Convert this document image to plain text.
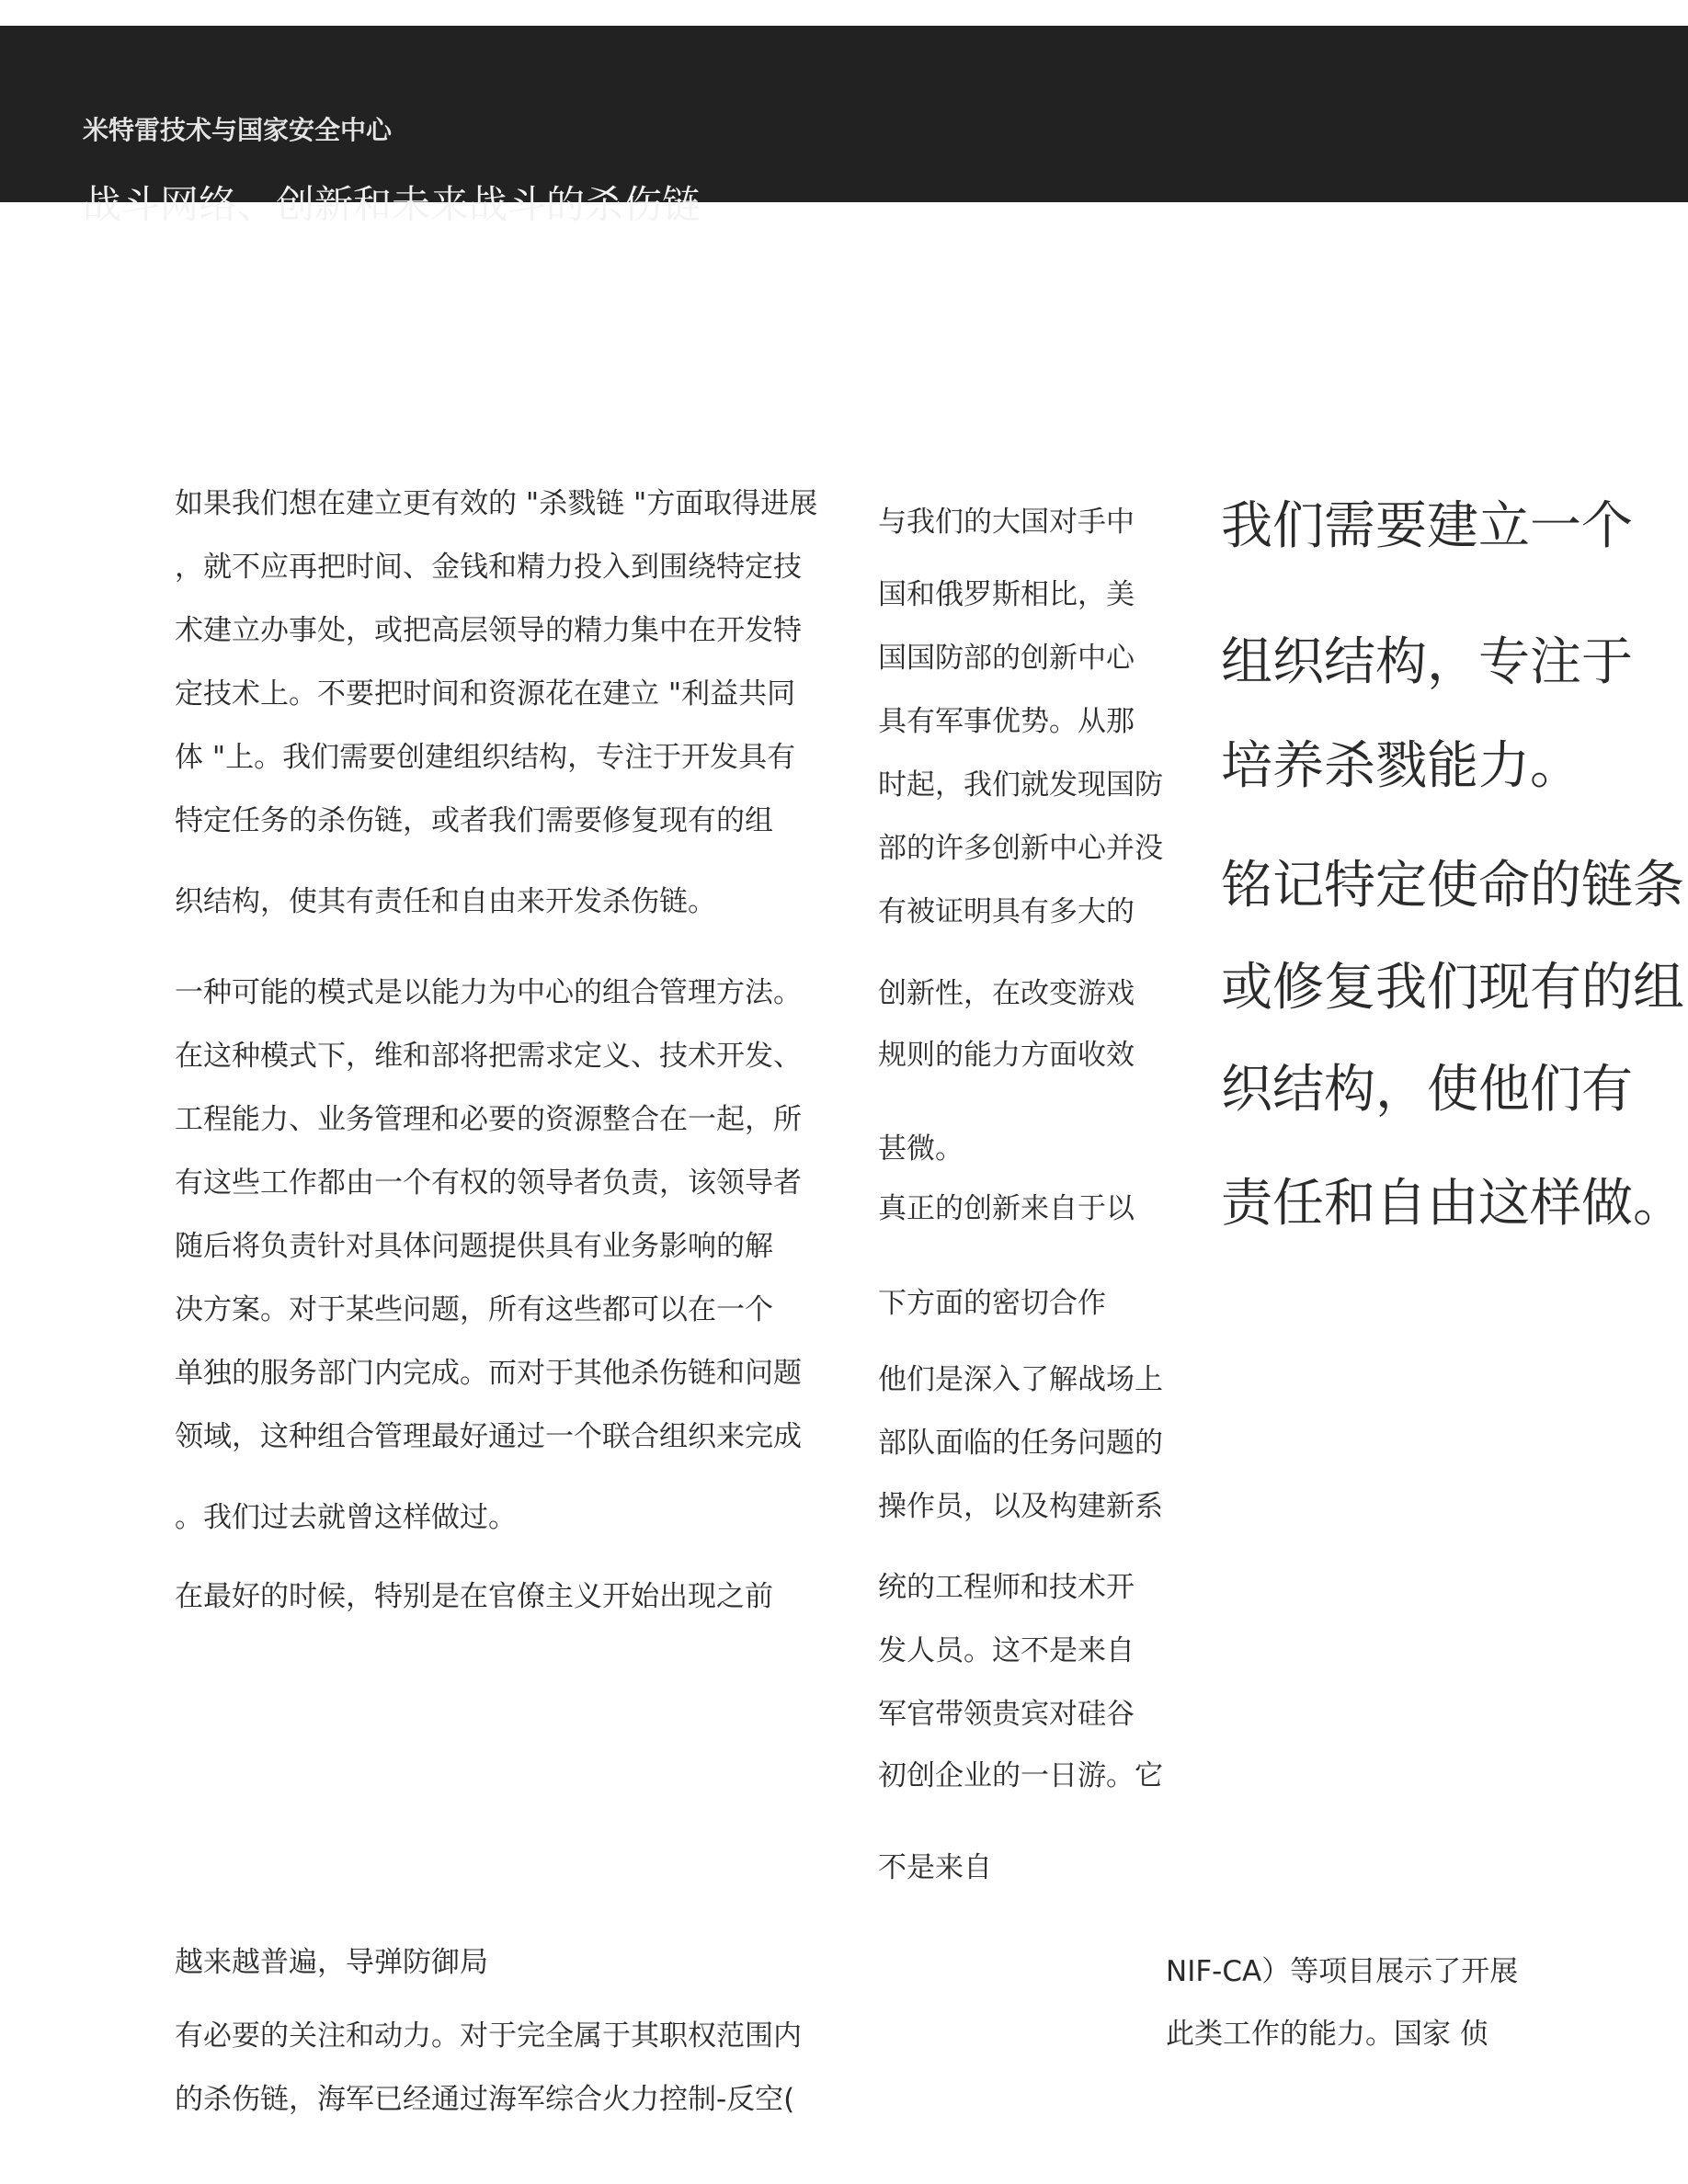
米特雷技术与国家安全中心
战斗网络、创新和未来战斗的杀伤链
如果我们想在建立更有效的 "杀戮链 "方面取得进展
，就不应再把时间、金钱和精力投入到围绕特定技
术建立办事处，或把高层领导的精力集中在开发特
定技术上。不要把时间和资源花在建立 "利益共同
体 "上。我们需要创建组织结构，专注于开发具有
特定任务的杀伤链，或者我们需要修复现有的组
织结构，使其有责任和自由来开发杀伤链。
一种可能的模式是以能力为中心的组合管理方法。
在这种模式下，维和部将把需求定义、技术开发、
工程能力、业务管理和必要的资源整合在一起，所
有这些工作都由一个有权的领导者负责，该领导者
随后将负责针对具体问题提供具有业务影响的解
决方案。对于某些问题，所有这些都可以在一个
单独的服务部门内完成。而对于其他杀伤链和问题
领域，这种组合管理最好通过一个联合组织来完成
。我们过去就曾这样做过。
在最好的时候，特别是在官僚主义开始出现之前
与我们的大国对手中
国和俄罗斯相比，美
国国防部的创新中心
具有军事优势。从那
时起，我们就发现国防
部的许多创新中心并没
有被证明具有多大的
创新性，在改变游戏
规则的能力方面收效
甚微。
真正的创新来自于以
下方面的密切合作
他们是深入了解战场上
部队面临的任务问题的
操作员，以及构建新系
统的工程师和技术开
发人员。这不是来自
军官带领贵宾对硅谷
初创企业的一日游。它
不是来自
我们需要建立一个
组织结构，专注于
培养杀戮能力。
铭记特定使命的链条
或修复我们现有的组
织结构，使他们有
责任和自由这样做。
越来越普遍，导弹防御局
有必要的关注和动力。对于完全属于其职权范围内
的杀伤链，海军已经通过海军综合火力控制-反空(
NIF-CA）等项目展示了开展
此类工作的能力。国家 侦
